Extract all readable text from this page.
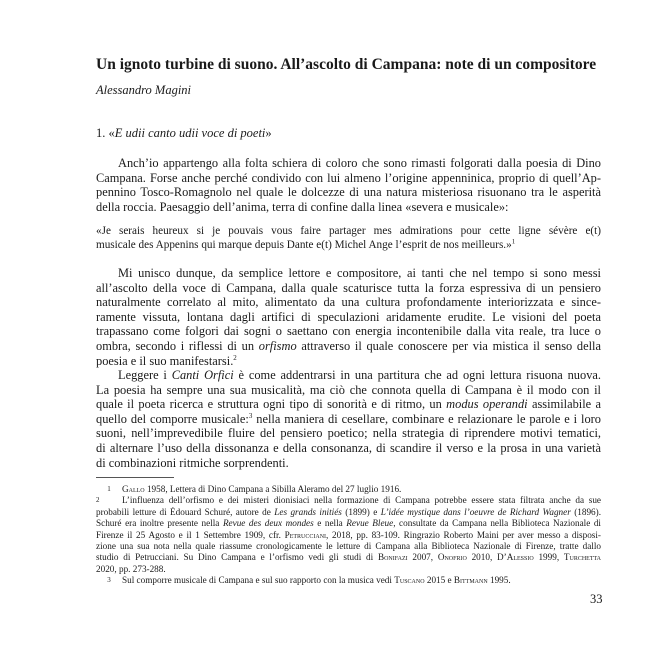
Un ignoto turbine di suono. All’ascolto di Campana: note di un compositore
Alessandro Magini
1. «E udii canto udii voce di poeti»
Anch’io appartengo alla folta schiera di coloro che sono rimasti folgorati dalla poesia di Dino
Campana. Forse anche perché condivido con lui almeno l’origine appenninica, proprio di quell’Ap-
pennino Tosco-Romagnolo nel quale le dolcezze di una natura misteriosa risuonano tra le asperità
della roccia. Paesaggio dell’anima, terra di confine dalla linea «severa e musicale»:
«Je serais heureux si je pouvais vous faire partager mes admirations pour cette ligne sévère e(t)
musicale des Appenins qui marque depuis Dante e(t) Michel Ange l’esprit de nos meilleurs.»$^1$
Mi unisco dunque, da semplice lettore e compositore, ai tanti che nel tempo si sono messi
all’ascolto della voce di Campana, dalla quale scaturisce tutta la forza espressiva di un pensiero
naturalmente correlato al mito, alimentato da una cultura profondamente interiorizzata e since-
ramente vissuta, lontana dagli artifici di speculazioni aridamente erudite. Le visioni del poeta
trapassano come folgori dai sogni o saettano con energia incontenibile dalla vita reale, tra luce o
ombra, secondo i riflessi di un orfismo attraverso il quale conoscere per via mistica il senso della
poesia e il suo manifestarsi.$^2$
Leggere i Canti Orfici è come addentrarsi in una partitura che ad ogni lettura risuona nuova.
La poesia ha sempre una sua musicalità, ma ciò che connota quella di Campana è il modo con il
quale il poeta ricerca e struttura ogni tipo di sonorità e di ritmo, un modus operandi assimilabile a
quello del comporre musicale:$^3$ nella maniera di cesellare, combinare e relazionare le parole e i loro
suoni, nell’imprevedibile fluire del pensiero poetico; nella strategia di riprendere motivi tematici,
di alternare l’uso della dissonanza e della consonanza, di scandire il verso e la prosa in una varietà
di combinazioni ritmiche sorprendenti.
1 Gallo 1958, Lettera di Dino Campana a Sibilla Aleramo del 27 luglio 1916.
2 L’influenza dell’orfismo e dei misteri dionisiaci nella formazione di Campana potrebbe essere stata filtrata anche da sue
probabili letture di Édouard Schuré, autore de Les grands initiés (1899) e L’idée mystique dans l’oeuvre de Richard Wagner (1896).
Schuré era inoltre presente nella Revue des deux mondes e nella Revue Bleue, consultate da Campana nella Biblioteca Nazionale di
Firenze il 25 Agosto e il 1 Settembre 1909, cfr. Petrucciani, 2018, pp. 83-109. Ringrazio Roberto Maini per aver messo a disposi-
zione una sua nota nella quale riassume cronologicamente le letture di Campana alla Biblioteca Nazionale di Firenze, tratte dallo
studio di Petrucciani. Su Dino Campana e l’orfismo vedi gli studi di Bonifazi 2007, Onofrio 2010, D’Alessio 1999, Turchetta
2020, pp. 273-288.
3 Sul comporre musicale di Campana e sul suo rapporto con la musica vedi Tuscano 2015 e Bittmann 1995.
33
